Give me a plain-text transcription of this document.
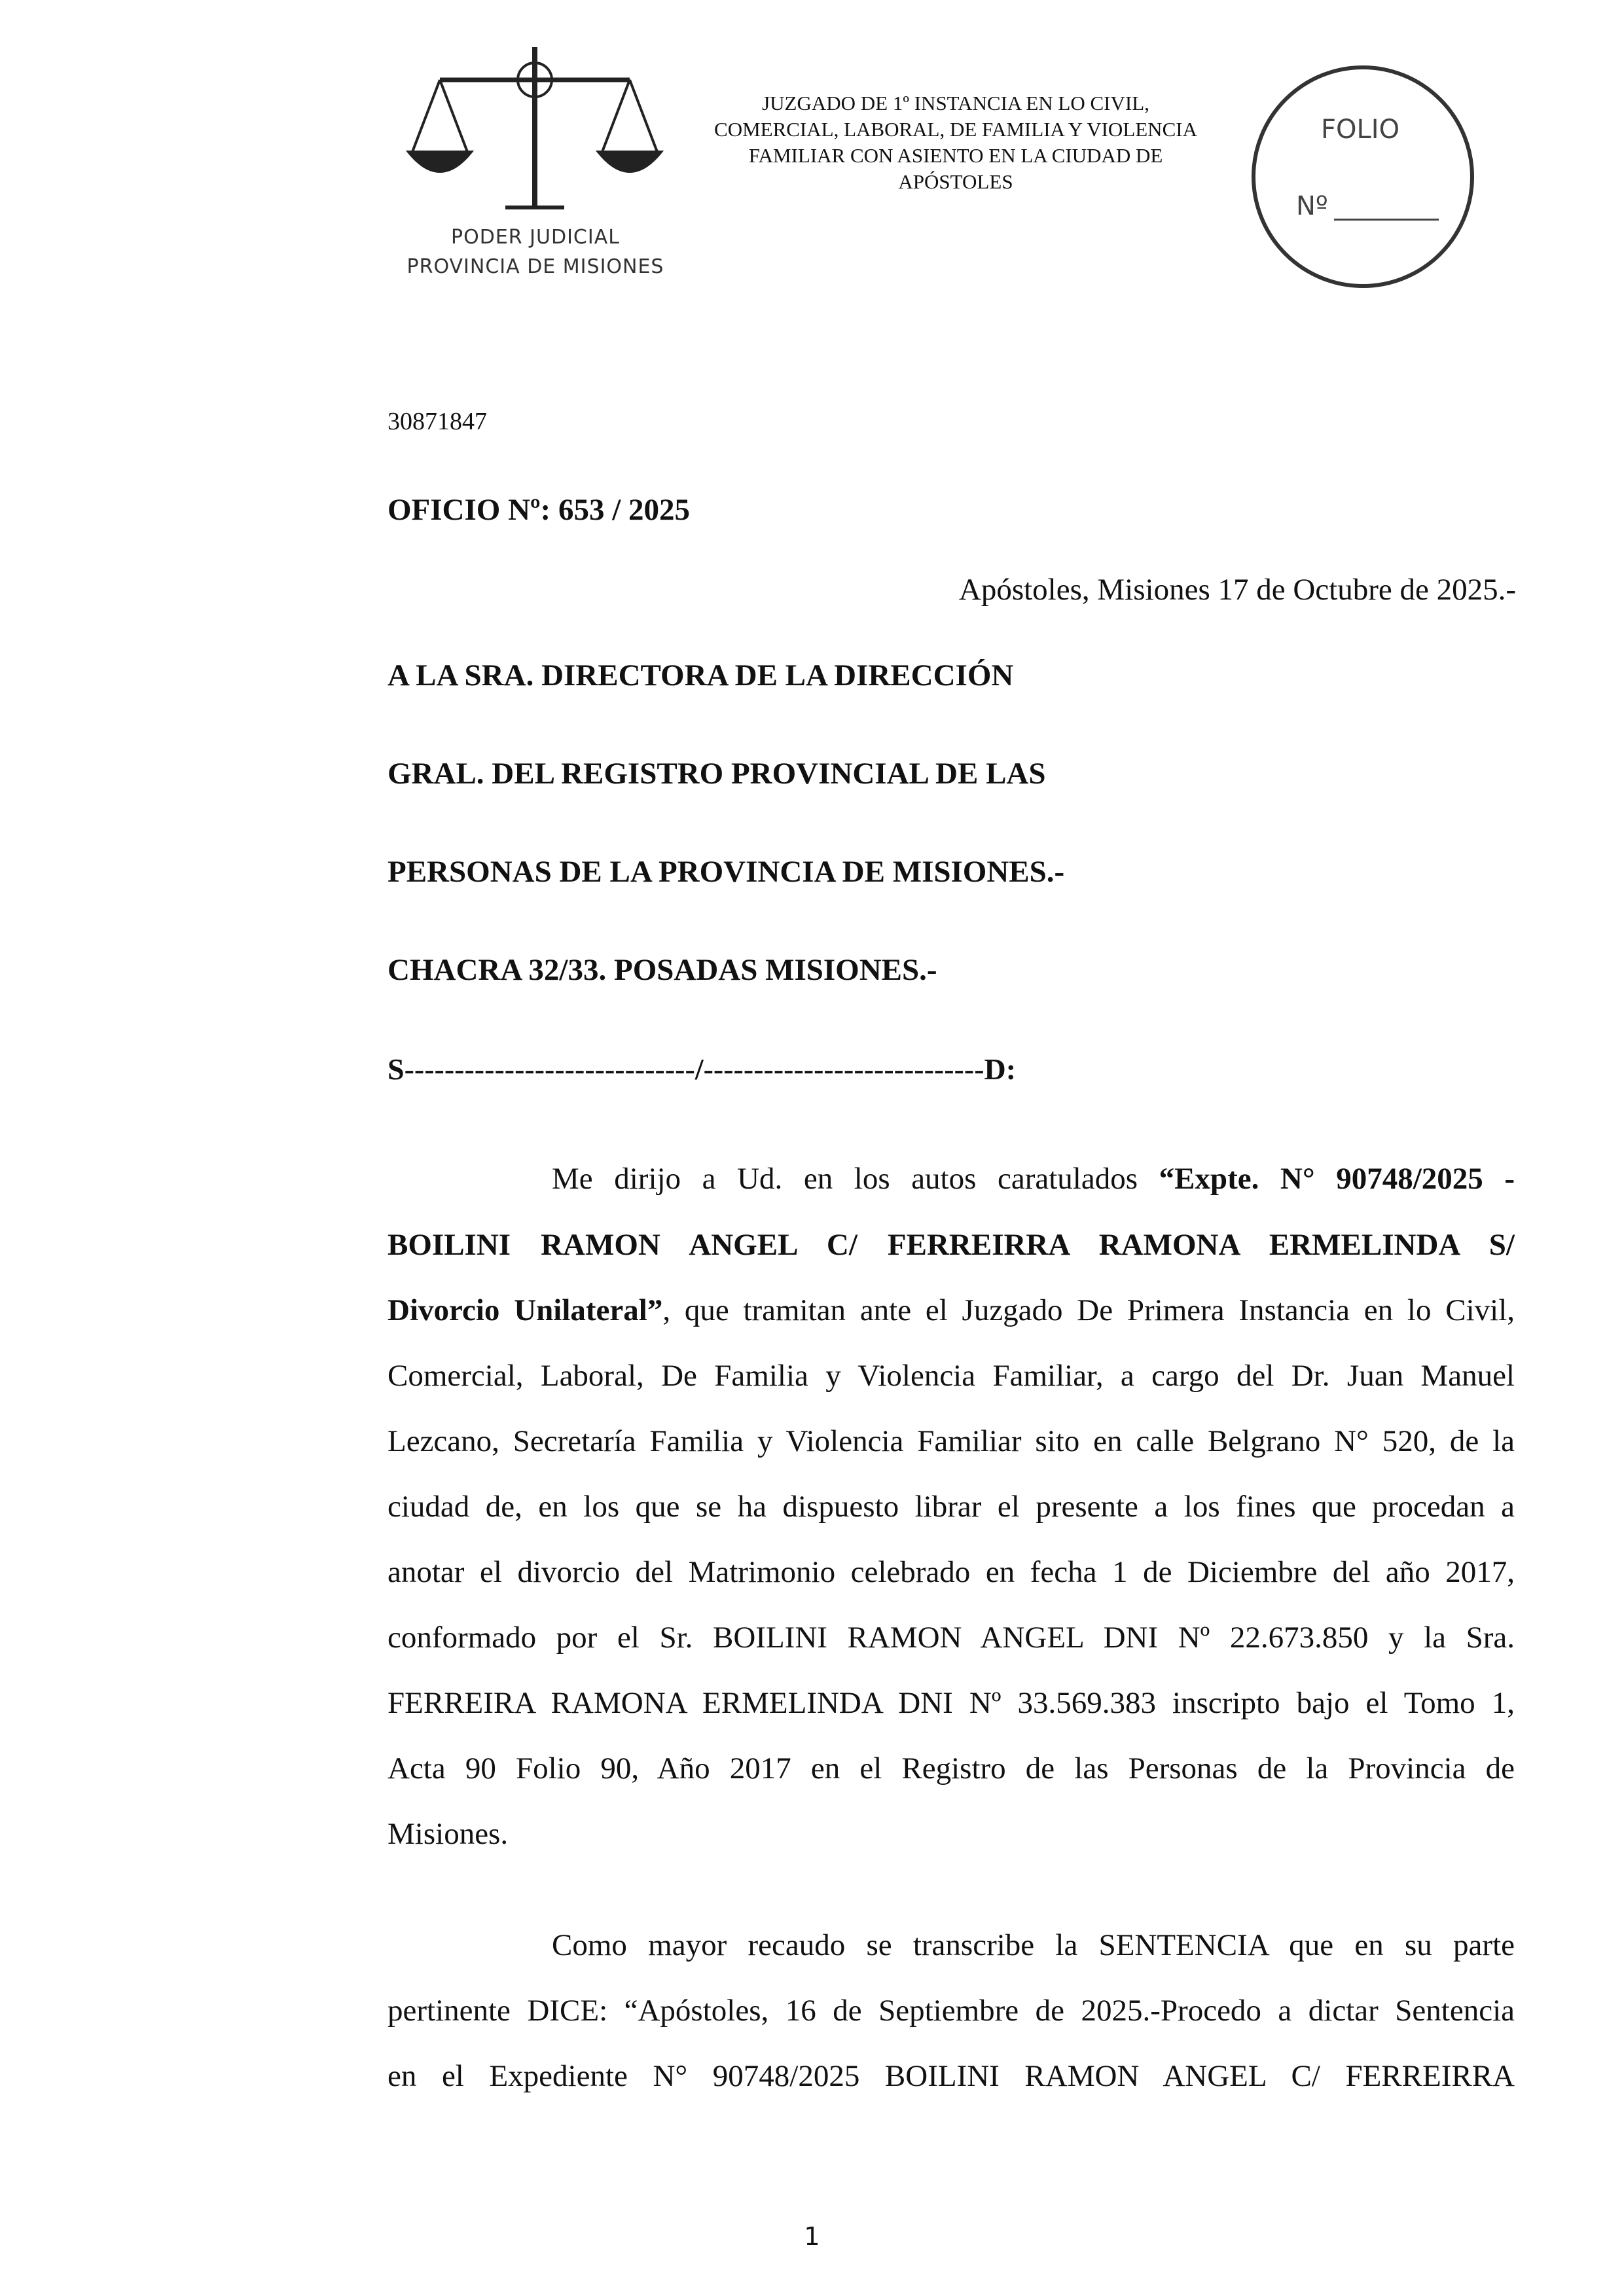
PODER JUDICIAL
PROVINCIA DE MISIONES
JUZGADO DE 1º INSTANCIA EN LO CIVIL,
COMERCIAL, LABORAL, DE FAMILIA Y VIOLENCIA
FAMILIAR CON ASIENTO EN LA CIUDAD DE
APÓSTOLES
FOLIO
Nº
30871847
OFICIO Nº: 653 / 2025
Apóstoles, Misiones 17 de Octubre de 2025.-
A LA SRA. DIRECTORA DE LA DIRECCIÓN
GRAL. DEL REGISTRO PROVINCIAL DE LAS
PERSONAS DE LA PROVINCIA DE MISIONES.-
CHACRA 32/33. POSADAS MISIONES.-
S-----------------------------/----------------------------D:
Me dirijo a Ud. en los autos caratulados “Expte. N° 90748/2025 -
BOILINI RAMON ANGEL C/ FERREIRRA RAMONA ERMELINDA S/
Divorcio Unilateral”, que tramitan ante el Juzgado De Primera Instancia en lo Civil,
Comercial, Laboral, De Familia y Violencia Familiar, a cargo del Dr. Juan Manuel
Lezcano, Secretaría Familia y Violencia Familiar sito en calle Belgrano N° 520, de la
ciudad de, en los que se ha dispuesto librar el presente a los fines que procedan a
anotar el divorcio del Matrimonio celebrado en fecha 1 de Diciembre del año 2017,
conformado por el Sr. BOILINI RAMON ANGEL DNI Nº 22.673.850 y la Sra.
FERREIRA RAMONA ERMELINDA DNI Nº 33.569.383 inscripto bajo el Tomo 1,
Acta 90 Folio 90, Año 2017 en el Registro de las Personas de la Provincia de
Misiones.
Como mayor recaudo se transcribe la SENTENCIA que en su parte
pertinente DICE: “Apóstoles, 16 de Septiembre de 2025.-Procedo a dictar Sentencia
en el Expediente N° 90748/2025 BOILINI RAMON ANGEL C/ FERREIRRA
1
